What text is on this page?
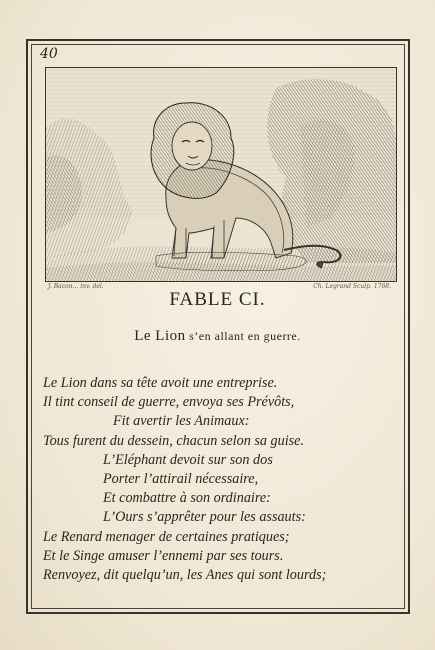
40
J. Bacon... inv. del.	Ch. Legrand Sculp. 1768.
FABLE CI.
Le Lion s’en allant en guerre.
Le Lion dans sa tête avoit une entreprise.
Il tint conseil de guerre, envoya ses Prévôts,
Fit avertir les Animaux:
Tous furent du dessein, chacun selon sa guise.
L’Eléphant devoit sur son dos
Porter l’attirail nécessaire,
Et combattre à son ordinaire:
L’Ours s’apprêter pour les assauts:
Le Renard menager de certaines pratiques;
Et le Singe amuser l’ennemi par ses tours.
Renvoyez, dit quelqu’un, les Anes qui sont lourds;
